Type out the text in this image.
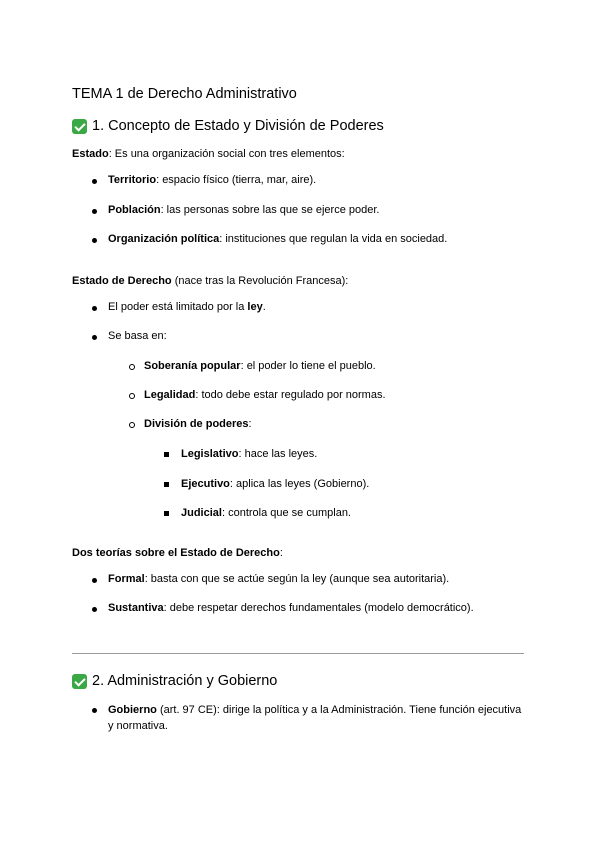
TEMA 1 de Derecho Administrativo
1. Concepto de Estado y División de Poderes
Estado: Es una organización social con tres elementos:
Territorio: espacio físico (tierra, mar, aire).
Población: las personas sobre las que se ejerce poder.
Organización política: instituciones que regulan la vida en sociedad.
Estado de Derecho (nace tras la Revolución Francesa):
El poder está limitado por la ley.
Se basa en:
Soberanía popular: el poder lo tiene el pueblo.
Legalidad: todo debe estar regulado por normas.
División de poderes:
Legislativo: hace las leyes.
Ejecutivo: aplica las leyes (Gobierno).
Judicial: controla que se cumplan.
Dos teorías sobre el Estado de Derecho:
Formal: basta con que se actúe según la ley (aunque sea autoritaria).
Sustantiva: debe respetar derechos fundamentales (modelo democrático).
2. Administración y Gobierno
Gobierno (art. 97 CE): dirige la política y a la Administración. Tiene función ejecutiva y normativa.
